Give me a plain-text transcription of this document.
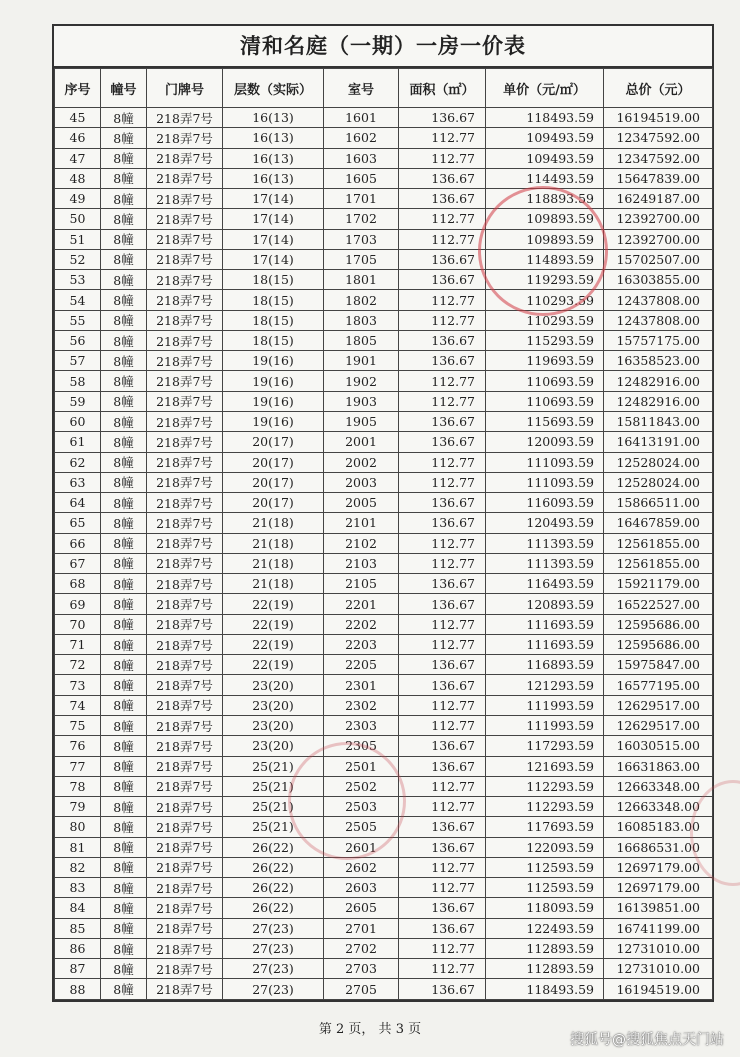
清和名庭（一期）一房一价表
序号	幢号	门牌号	层数（实际）	室号	面积（㎡）	单价（元/㎡）	总价（元）
45	8幢	218弄7号	16(13)	1601	136.67	118493.59	16194519.00
46	8幢	218弄7号	16(13)	1602	112.77	109493.59	12347592.00
47	8幢	218弄7号	16(13)	1603	112.77	109493.59	12347592.00
48	8幢	218弄7号	16(13)	1605	136.67	114493.59	15647839.00
49	8幢	218弄7号	17(14)	1701	136.67	118893.59	16249187.00
50	8幢	218弄7号	17(14)	1702	112.77	109893.59	12392700.00
51	8幢	218弄7号	17(14)	1703	112.77	109893.59	12392700.00
52	8幢	218弄7号	17(14)	1705	136.67	114893.59	15702507.00
53	8幢	218弄7号	18(15)	1801	136.67	119293.59	16303855.00
54	8幢	218弄7号	18(15)	1802	112.77	110293.59	12437808.00
55	8幢	218弄7号	18(15)	1803	112.77	110293.59	12437808.00
56	8幢	218弄7号	18(15)	1805	136.67	115293.59	15757175.00
57	8幢	218弄7号	19(16)	1901	136.67	119693.59	16358523.00
58	8幢	218弄7号	19(16)	1902	112.77	110693.59	12482916.00
59	8幢	218弄7号	19(16)	1903	112.77	110693.59	12482916.00
60	8幢	218弄7号	19(16)	1905	136.67	115693.59	15811843.00
61	8幢	218弄7号	20(17)	2001	136.67	120093.59	16413191.00
62	8幢	218弄7号	20(17)	2002	112.77	111093.59	12528024.00
63	8幢	218弄7号	20(17)	2003	112.77	111093.59	12528024.00
64	8幢	218弄7号	20(17)	2005	136.67	116093.59	15866511.00
65	8幢	218弄7号	21(18)	2101	136.67	120493.59	16467859.00
66	8幢	218弄7号	21(18)	2102	112.77	111393.59	12561855.00
67	8幢	218弄7号	21(18)	2103	112.77	111393.59	12561855.00
68	8幢	218弄7号	21(18)	2105	136.67	116493.59	15921179.00
69	8幢	218弄7号	22(19)	2201	136.67	120893.59	16522527.00
70	8幢	218弄7号	22(19)	2202	112.77	111693.59	12595686.00
71	8幢	218弄7号	22(19)	2203	112.77	111693.59	12595686.00
72	8幢	218弄7号	22(19)	2205	136.67	116893.59	15975847.00
73	8幢	218弄7号	23(20)	2301	136.67	121293.59	16577195.00
74	8幢	218弄7号	23(20)	2302	112.77	111993.59	12629517.00
75	8幢	218弄7号	23(20)	2303	112.77	111993.59	12629517.00
76	8幢	218弄7号	23(20)	2305	136.67	117293.59	16030515.00
77	8幢	218弄7号	25(21)	2501	136.67	121693.59	16631863.00
78	8幢	218弄7号	25(21)	2502	112.77	112293.59	12663348.00
79	8幢	218弄7号	25(21)	2503	112.77	112293.59	12663348.00
80	8幢	218弄7号	25(21)	2505	136.67	117693.59	16085183.00
81	8幢	218弄7号	26(22)	2601	136.67	122093.59	16686531.00
82	8幢	218弄7号	26(22)	2602	112.77	112593.59	12697179.00
83	8幢	218弄7号	26(22)	2603	112.77	112593.59	12697179.00
84	8幢	218弄7号	26(22)	2605	136.67	118093.59	16139851.00
85	8幢	218弄7号	27(23)	2701	136.67	122493.59	16741199.00
86	8幢	218弄7号	27(23)	2702	112.77	112893.59	12731010.00
87	8幢	218弄7号	27(23)	2703	112.77	112893.59	12731010.00
88	8幢	218弄7号	27(23)	2705	136.67	118493.59	16194519.00
第 2 页， 共 3 页
搜狐号@搜狐焦点天门站
